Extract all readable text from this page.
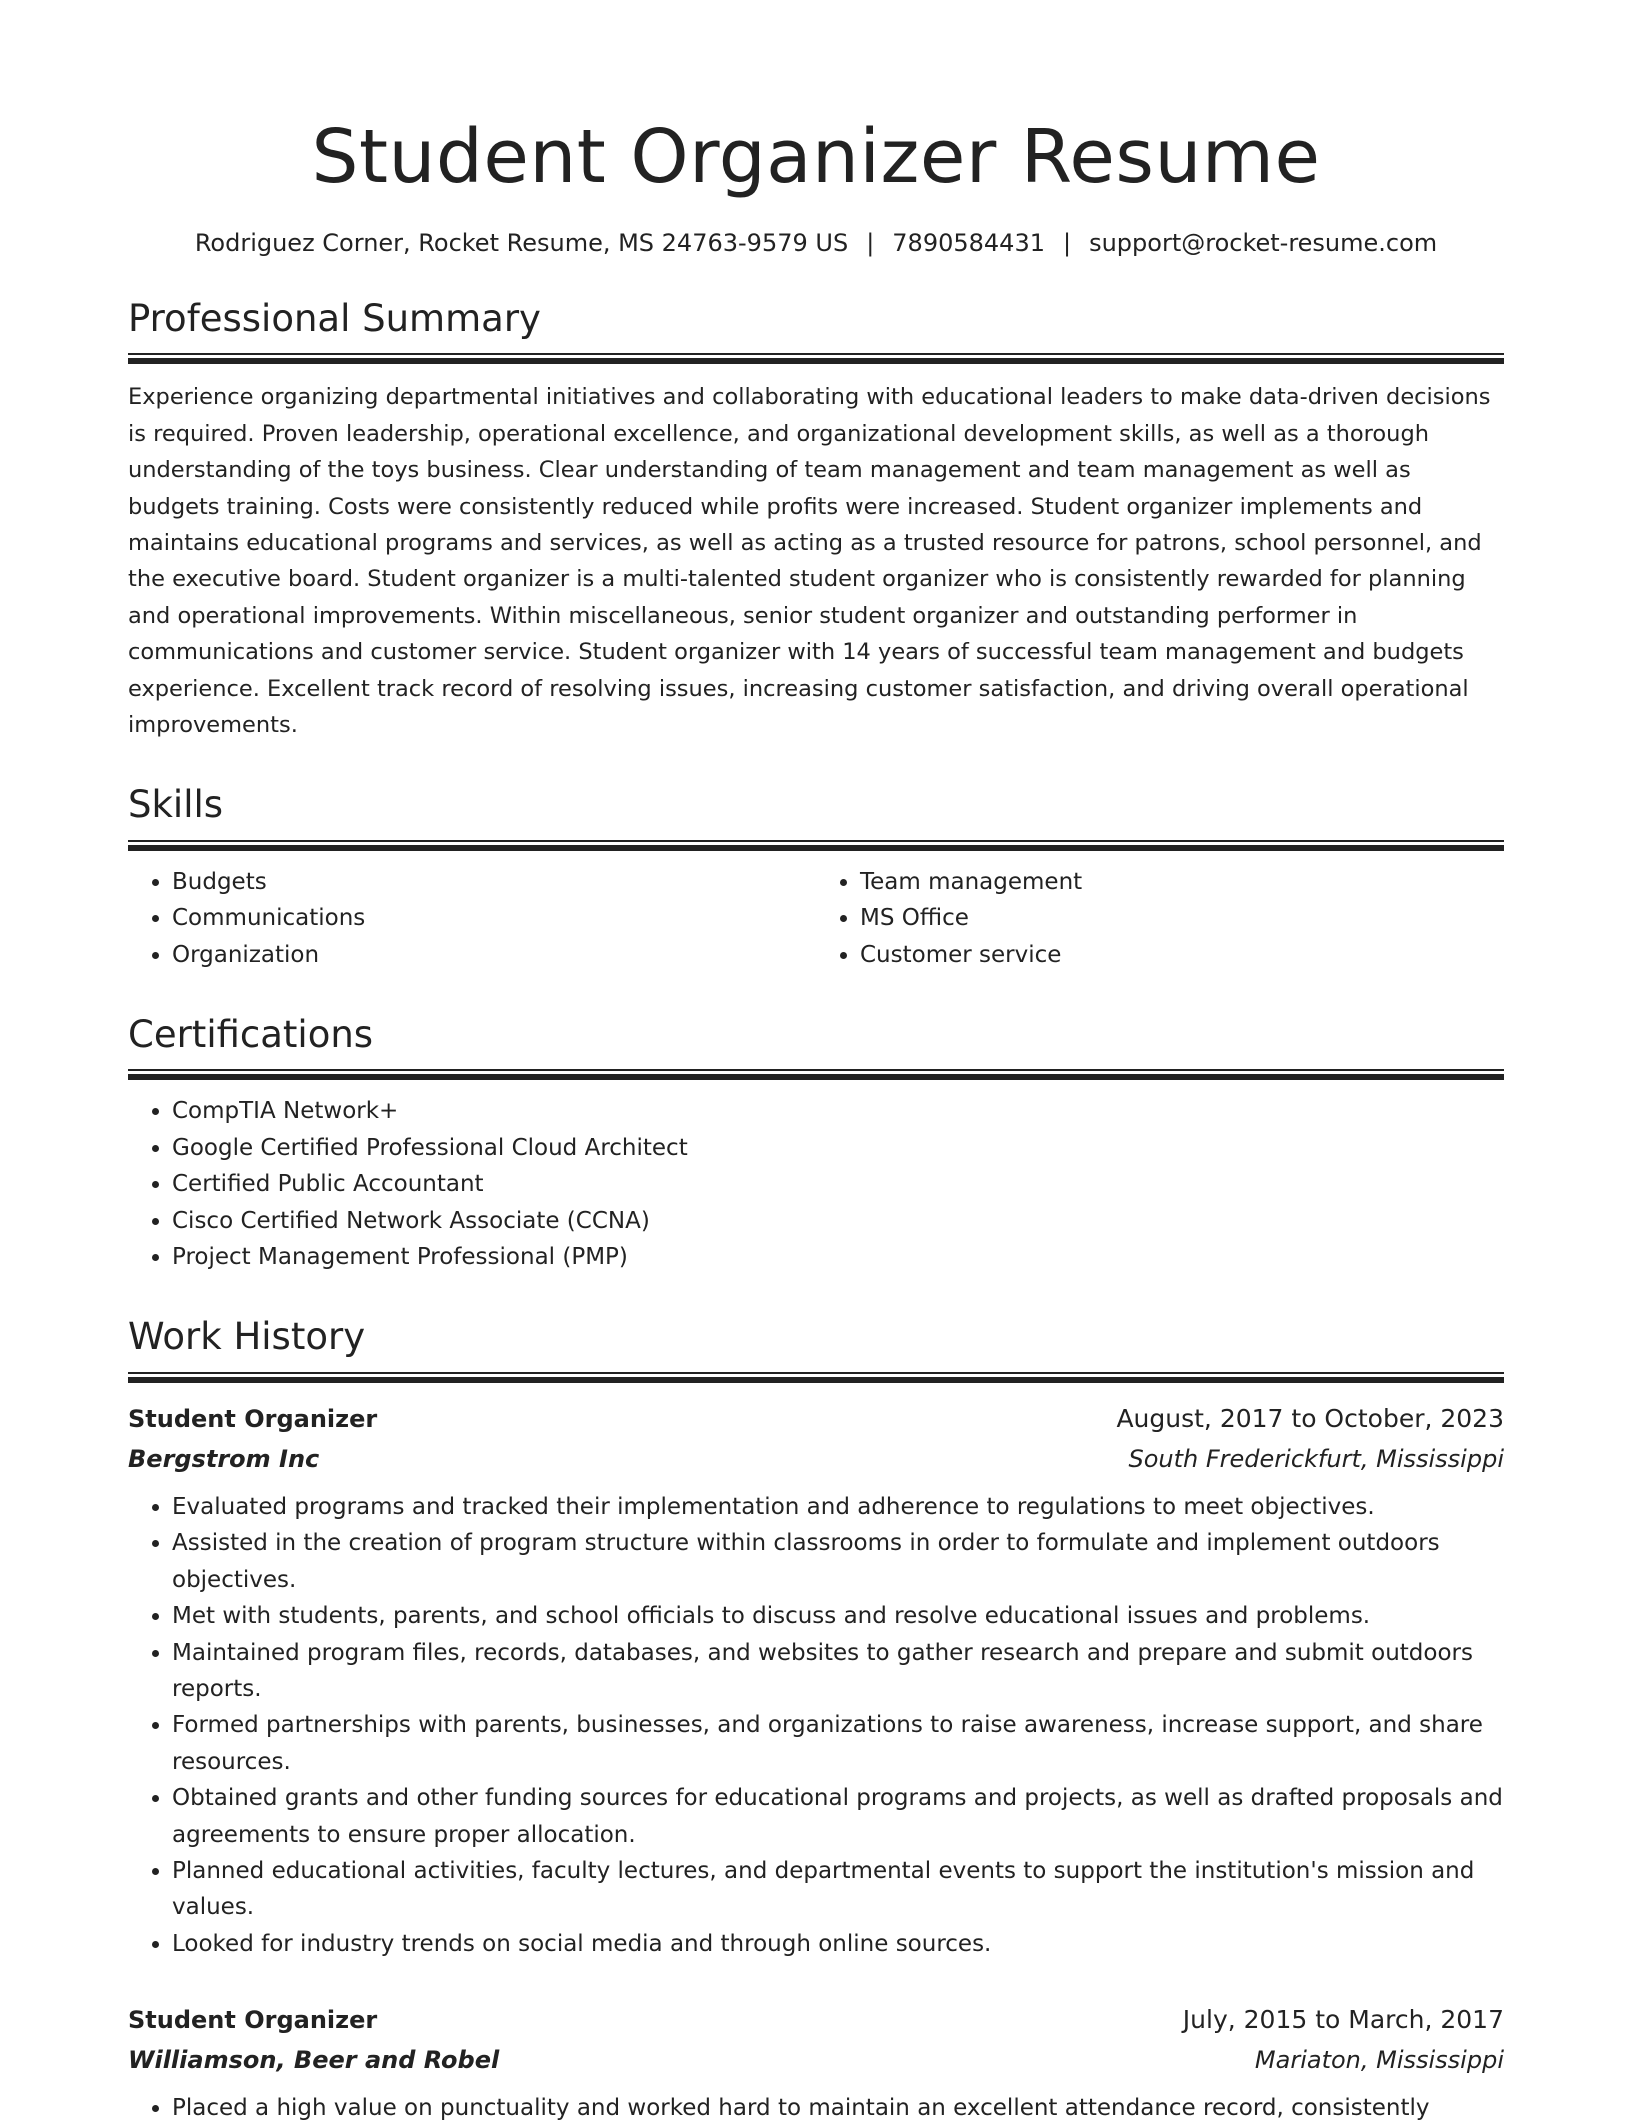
Student Organizer Resume
Rodriguez Corner, Rocket Resume, MS 24763-9579 US | 7890584431 | support@rocket-resume.com
Professional Summary
Experience organizing departmental initiatives and collaborating with educational leaders to make data-driven decisions is required. Proven leadership, operational excellence, and organizational development skills, as well as a thorough understanding of the toys business. Clear understanding of team management and team management as well as budgets training. Costs were consistently reduced while profits were increased. Student organizer implements and maintains educational programs and services, as well as acting as a trusted resource for patrons, school personnel, and the executive board. Student organizer is a multi-talented student organizer who is consistently rewarded for planning and operational improvements. Within miscellaneous, senior student organizer and outstanding performer in communications and customer service. Student organizer with 14 years of successful team management and budgets experience. Excellent track record of resolving issues, increasing customer satisfaction, and driving overall operational improvements.
Skills
• Budgets
• Communications
• Organization
• Team management
• MS Office
• Customer service
Certifications
• CompTIA Network+
• Google Certified Professional Cloud Architect
• Certified Public Accountant
• Cisco Certified Network Associate (CCNA)
• Project Management Professional (PMP)
Work History
Student Organizer	August, 2017 to October, 2023
Bergstrom Inc	South Frederickfurt, Mississippi
• Evaluated programs and tracked their implementation and adherence to regulations to meet objectives.
• Assisted in the creation of program structure within classrooms in order to formulate and implement outdoors objectives.
• Met with students, parents, and school officials to discuss and resolve educational issues and problems.
• Maintained program files, records, databases, and websites to gather research and prepare and submit outdoors reports.
• Formed partnerships with parents, businesses, and organizations to raise awareness, increase support, and share resources.
• Obtained grants and other funding sources for educational programs and projects, as well as drafted proposals and agreements to ensure proper allocation.
• Planned educational activities, faculty lectures, and departmental events to support the institution's mission and values.
• Looked for industry trends on social media and through online sources.
Student Organizer	July, 2015 to March, 2017
Williamson, Beer and Robel	Mariaton, Mississippi
• Placed a high value on punctuality and worked hard to maintain an excellent attendance record, consistently
